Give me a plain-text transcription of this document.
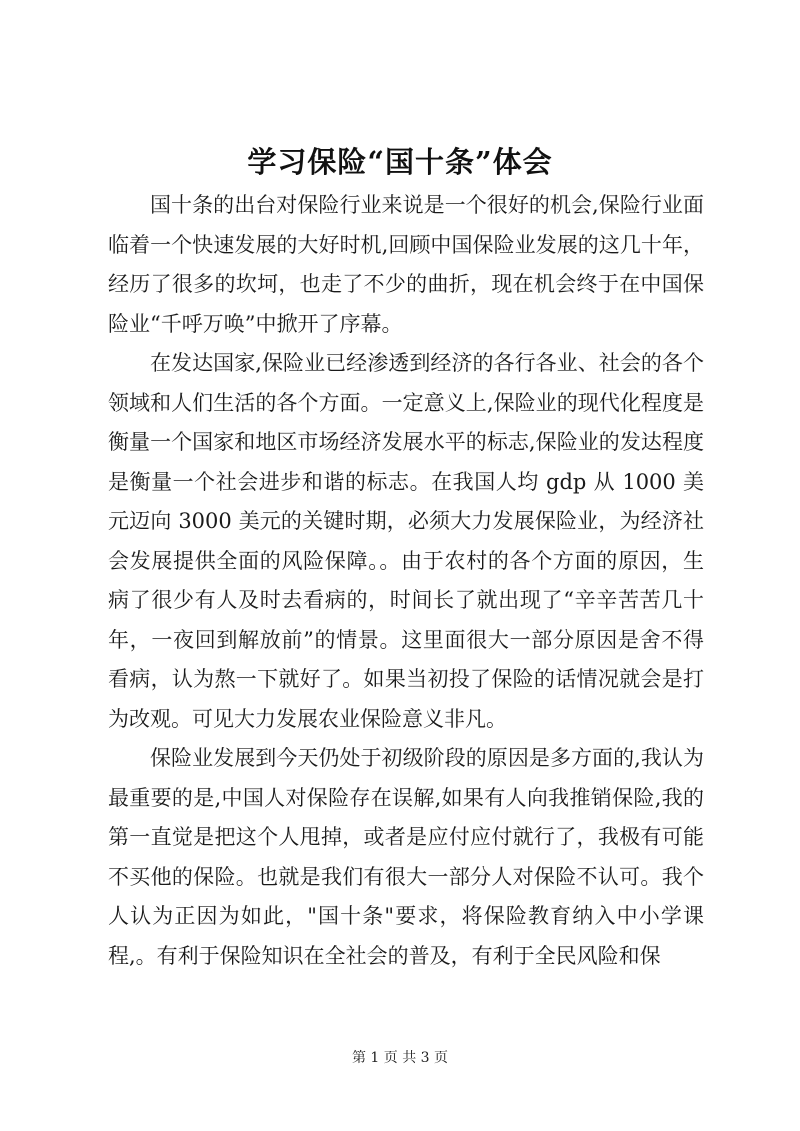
学习保险“国十条”体会

国十条的出台对保险行业来说是一个很好的机会,保险行业面临着一个快速发展的大好时机,回顾中国保险业发展的这几十年，经历了很多的坎坷，也走了不少的曲折，现在机会终于在中国保险业“千呼万唤”中掀开了序幕。

在发达国家,保险业已经渗透到经济的各行各业、社会的各个领域和人们生活的各个方面。一定意义上,保险业的现代化程度是衡量一个国家和地区市场经济发展水平的标志,保险业的发达程度是衡量一个社会进步和谐的标志。在我国人均 gdp 从 1000 美元迈向 3000 美元的关键时期，必须大力发展保险业，为经济社会发展提供全面的风险保障。。由于农村的各个方面的原因，生病了很少有人及时去看病的，时间长了就出现了“辛辛苦苦几十年，一夜回到解放前”的情景。这里面很大一部分原因是舍不得看病，认为熬一下就好了。如果当初投了保险的话情况就会是打为改观。可见大力发展农业保险意义非凡。

保险业发展到今天仍处于初级阶段的原因是多方面的,我认为最重要的是,中国人对保险存在误解,如果有人向我推销保险,我的第一直觉是把这个人甩掉，或者是应付应付就行了，我极有可能不买他的保险。也就是我们有很大一部分人对保险不认可。我个人认为正因为如此，"国十条"要求，将保险教育纳入中小学课程,。有利于保险知识在全社会的普及，有利于全民风险和保

第 1 页 共 3 页
